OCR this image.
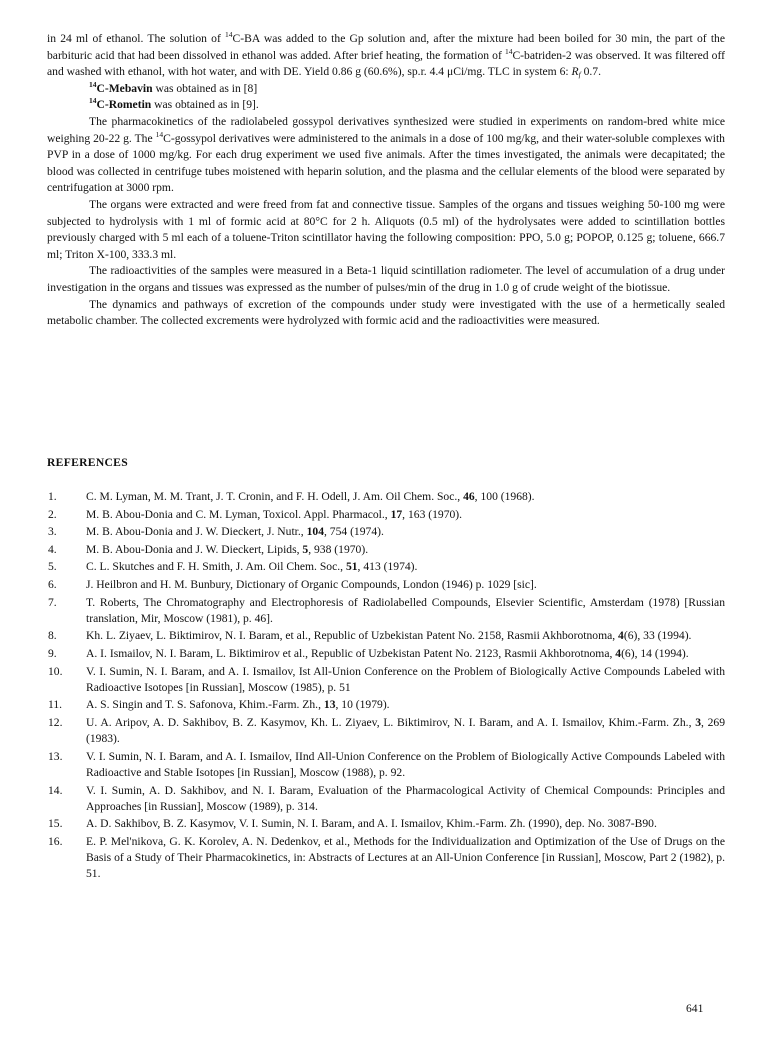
in 24 ml of ethanol. The solution of $^{14}$C-BA was added to the Gp solution and, after the mixture had been boiled for 30 min, the part of the barbituric acid that had been dissolved in ethanol was added. After brief heating, the formation of $^{14}$C-batriden-2 was observed. It was filtered off and washed with ethanol, with hot water, and with DE. Yield 0.86 g (60.6%), sp.r. 4.4 μCi/mg. TLC in system 6: $R_f$ 0.7.

$^{14}$C-Mebavin was obtained as in [8]

$^{14}$C-Rometin was obtained as in [9].

The pharmacokinetics of the radiolabeled gossypol derivatives synthesized were studied in experiments on random-bred white mice weighing 20-22 g. The $^{14}$C-gossypol derivatives were administered to the animals in a dose of 100 mg/kg, and their water-soluble complexes with PVP in a dose of 1000 mg/kg. For each drug experiment we used five animals. After the times investigated, the animals were decapitated; the blood was collected in centrifuge tubes moistened with heparin solution, and the plasma and the cellular elements of the blood were separated by centrifugation at 3000 rpm.

The organs were extracted and were freed from fat and connective tissue. Samples of the organs and tissues weighing 50-100 mg were subjected to hydrolysis with 1 ml of formic acid at 80°C for 2 h. Aliquots (0.5 ml) of the hydrolysates were added to scintillation bottles previously charged with 5 ml each of a toluene-Triton scintillator having the following composition: PPO, 5.0 g; POPOP, 0.125 g; toluene, 666.7 ml; Triton X-100, 333.3 ml.

The radioactivities of the samples were measured in a Beta-1 liquid scintillation radiometer. The level of accumulation of a drug under investigation in the organs and tissues was expressed as the number of pulses/min of the drug in 1.0 g of crude weight of the biotissue.

The dynamics and pathways of excretion of the compounds under study were investigated with the use of a hermetically sealed metabolic chamber. The collected excrements were hydrolyzed with formic acid and the radioactivities were measured.

REFERENCES
1.	C. M. Lyman, M. M. Trant, J. T. Cronin, and F. H. Odell, J. Am. Oil Chem. Soc., 46, 100 (1968).
2.	M. B. Abou-Donia and C. M. Lyman, Toxicol. Appl. Pharmacol., 17, 163 (1970).
3.	M. B. Abou-Donia and J. W. Dieckert, J. Nutr., 104, 754 (1974).
4.	M. B. Abou-Donia and J. W. Dieckert, Lipids, 5, 938 (1970).
5.	C. L. Skutches and F. H. Smith, J. Am. Oil Chem. Soc., 51, 413 (1974).
6.	J. Heilbron and H. M. Bunbury, Dictionary of Organic Compounds, London (1946) p. 1029 [sic].
7.	T. Roberts, The Chromatography and Electrophoresis of Radiolabelled Compounds, Elsevier Scientific, Amsterdam (1978) [Russian translation, Mir, Moscow (1981), p. 46].
8.	Kh. L. Ziyaev, L. Biktimirov, N. I. Baram, et al., Republic of Uzbekistan Patent No. 2158, Rasmii Akhborotnoma, 4(6), 33 (1994).
9.	A. I. Ismailov, N. I. Baram, L. Biktimirov et al., Republic of Uzbekistan Patent No. 2123, Rasmii Akhborotnoma, 4(6), 14 (1994).
10.	V. I. Sumin, N. I. Baram, and A. I. Ismailov, Ist All-Union Conference on the Problem of Biologically Active Compounds Labeled with Radioactive Isotopes [in Russian], Moscow (1985), p. 51
11.	A. S. Singin and T. S. Safonova, Khim.-Farm. Zh., 13, 10 (1979).
12.	U. A. Aripov, A. D. Sakhibov, B. Z. Kasymov, Kh. L. Ziyaev, L. Biktimirov, N. I. Baram, and A. I. Ismailov, Khim.-Farm. Zh., 3, 269 (1983).
13.	V. I. Sumin, N. I. Baram, and A. I. Ismailov, IInd All-Union Conference on the Problem of Biologically Active Compounds Labeled with Radioactive and Stable Isotopes [in Russian], Moscow (1988), p. 92.
14.	V. I. Sumin, A. D. Sakhibov, and N. I. Baram, Evaluation of the Pharmacological Activity of Chemical Compounds: Principles and Approaches [in Russian], Moscow (1989), p. 314.
15.	A. D. Sakhibov, B. Z. Kasymov, V. I. Sumin, N. I. Baram, and A. I. Ismailov, Khim.-Farm. Zh. (1990), dep. No. 3087-B90.
16.	E. P. Mel'nikova, G. K. Korolev, A. N. Dedenkov, et al., Methods for the Individualization and Optimization of the Use of Drugs on the Basis of a Study of Their Pharmacokinetics, in: Abstracts of Lectures at an All-Union Conference [in Russian], Moscow, Part 2 (1982), p. 51.
641
